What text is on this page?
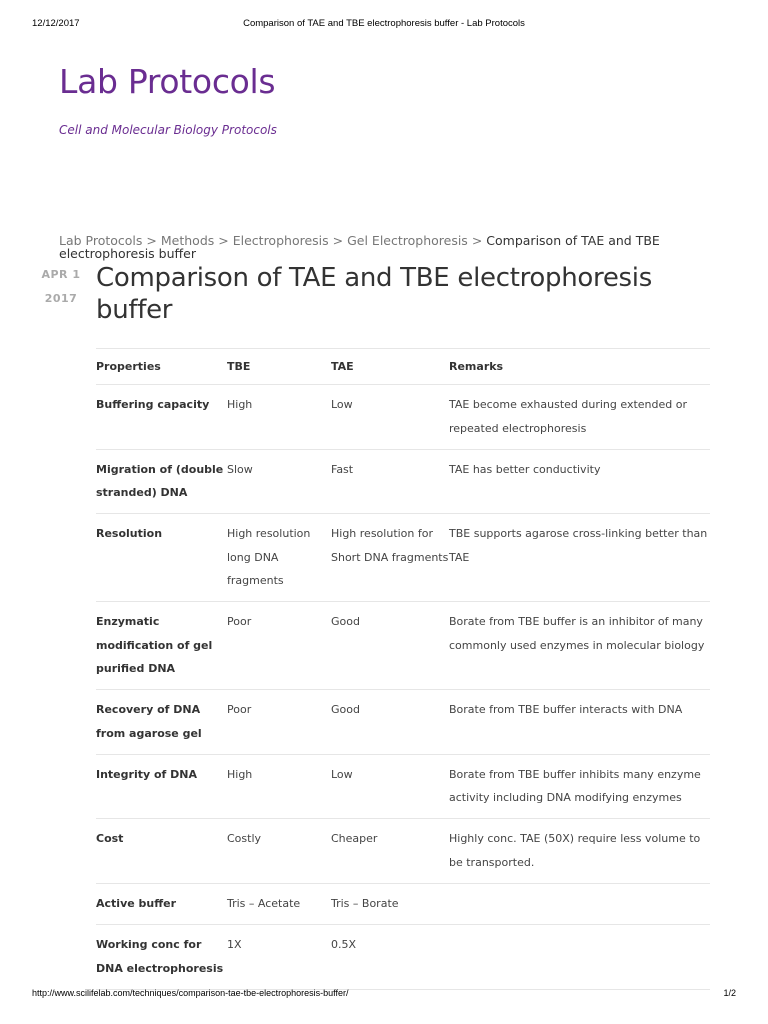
12/12/2017	Comparison of TAE and TBE electrophoresis buffer - Lab Protocols
Lab Protocols

Cell and Molecular Biology Protocols

Lab Protocols > Methods > Electrophoresis > Gel Electrophoresis > Comparison of TAE and TBE electrophoresis buffer
APR 1
2017
Comparison of TAE and TBE electrophoresis buffer
Properties	TBE	TAE	Remarks
Buffering capacity	High	Low	TAE become exhausted during extended or repeated electrophoresis
Migration of (double stranded) DNA	Slow	Fast	TAE has better conductivity
Resolution	High resolution long DNA fragments	High resolution for Short DNA fragments	TBE supports agarose cross-linking better than TAE
Enzymatic modification of gel purified DNA	Poor	Good	Borate from TBE buffer is an inhibitor of many commonly used enzymes in molecular biology
Recovery of DNA from agarose gel	Poor	Good	Borate from TBE buffer interacts with DNA
Integrity of DNA	High	Low	Borate from TBE buffer inhibits many enzyme activity including DNA modifying enzymes
Cost	Costly	Cheaper	Highly conc. TAE (50X) require less volume to be transported.
Active buffer	Tris – Acetate	Tris – Borate	
Working conc for DNA electrophoresis	1X	0.5X	
http://www.scilifelab.com/techniques/comparison-tae-tbe-electrophoresis-buffer/	1/2
